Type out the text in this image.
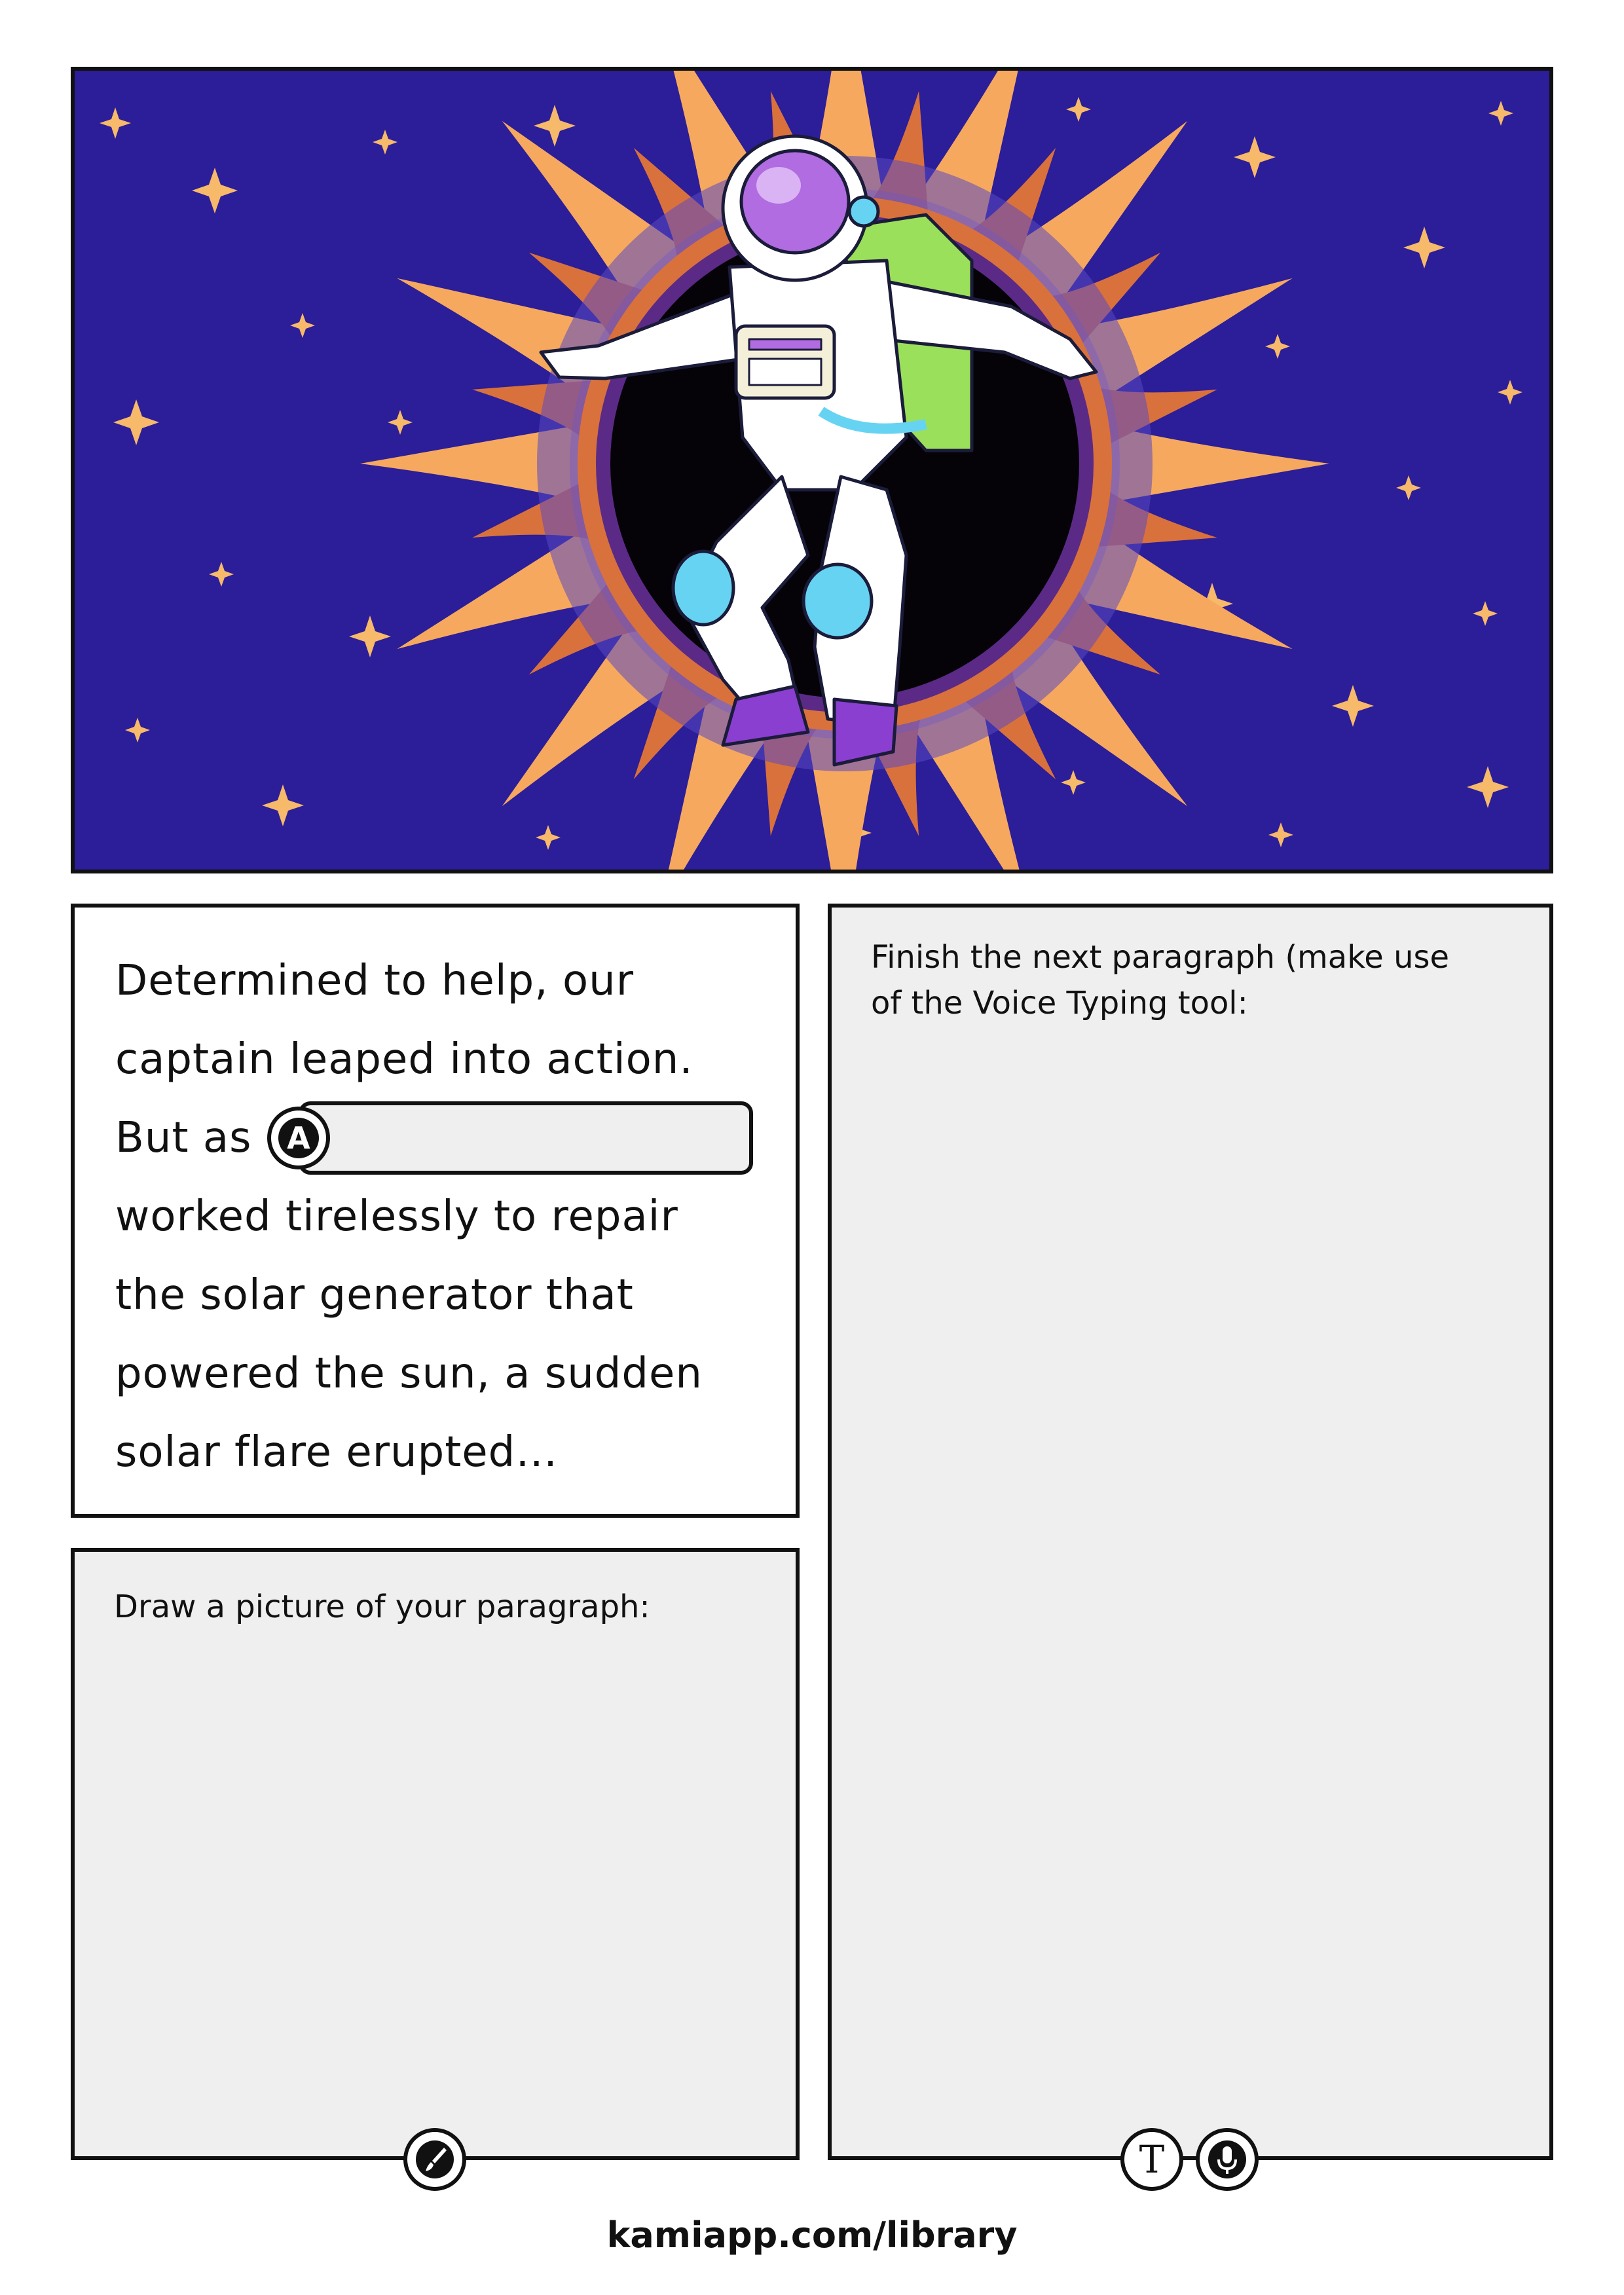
Determined to help, our
captain leaped into action.
But as A
worked tirelessly to repair
the solar generator that
powered the sun, a sudden
solar flare erupted…
Draw a picture of your paragraph:
Finish the next paragraph (make use
of the Voice Typing tool:
T
kamiapp.com/library
